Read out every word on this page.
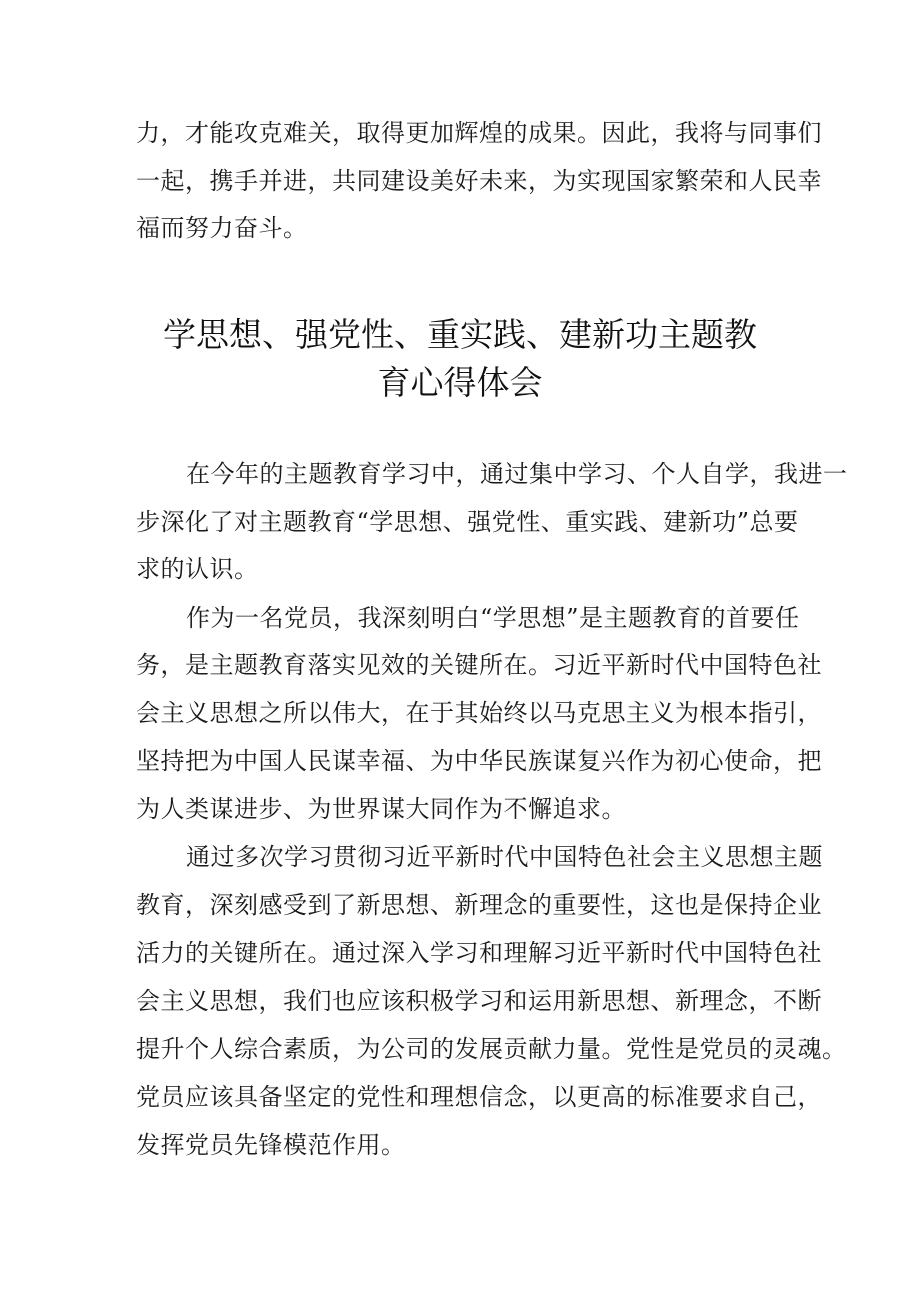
力，才能攻克难关，取得更加辉煌的成果。因此，我将与同事们
一起，携手并进，共同建设美好未来，为实现国家繁荣和人民幸
福而努力奋斗。
学思想、强党性、重实践、建新功主题教
育心得体会
在今年的主题教育学习中，通过集中学习、个人自学，我进一
步深化了对主题教育“学思想、强党性、重实践、建新功”总要
求的认识。
作为一名党员，我深刻明白“学思想”是主题教育的首要任
务，是主题教育落实见效的关键所在。习近平新时代中国特色社
会主义思想之所以伟大，在于其始终以马克思主义为根本指引，
坚持把为中国人民谋幸福、为中华民族谋复兴作为初心使命，把
为人类谋进步、为世界谋大同作为不懈追求。
通过多次学习贯彻习近平新时代中国特色社会主义思想主题
教育，深刻感受到了新思想、新理念的重要性，这也是保持企业
活力的关键所在。通过深入学习和理解习近平新时代中国特色社
会主义思想，我们也应该积极学习和运用新思想、新理念，不断
提升个人综合素质，为公司的发展贡献力量。党性是党员的灵魂。
党员应该具备坚定的党性和理想信念，以更高的标准要求自己，
发挥党员先锋模范作用。
